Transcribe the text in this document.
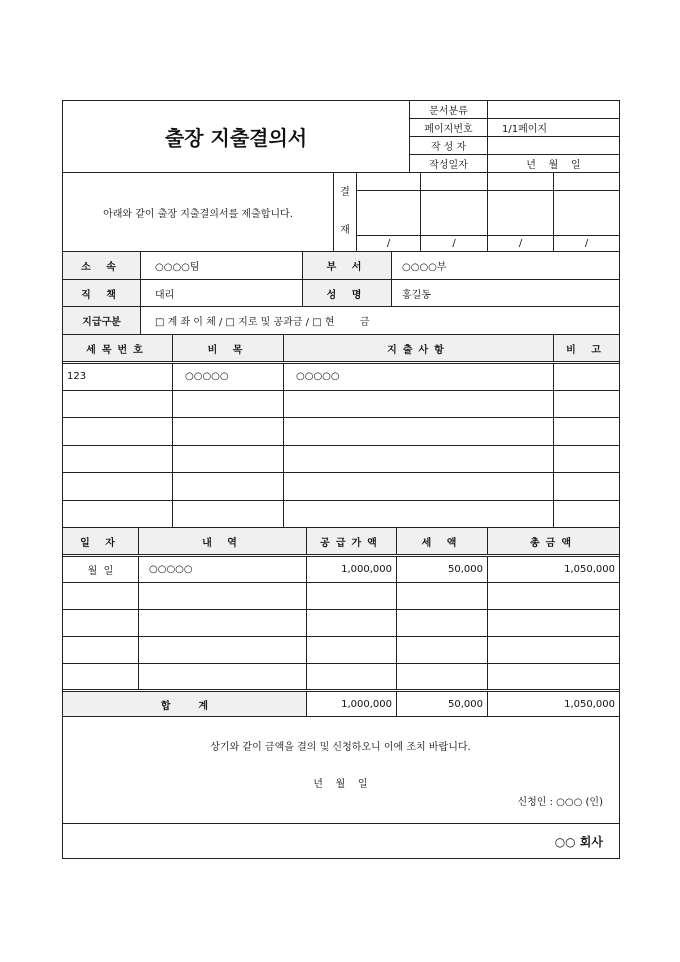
출장 지출결의서	문서분류	
	페이지번호	1/1페이지
	작 성 자	
	작성일자	년    월    일
아래와 같이 출장 지출결의서를 제출합니다.	결
재				

		/	/	/	/
소 속	○○○○팀	부 서	○○○○부
직 책	대리	성 명	홍길동
지급구분	□ 계 좌 이 체 / □ 지로 및 공과금 / □ 현        금		
세목번호	비 목	지출사항	비 고
123	○○○○○	○○○○○	

일 자	내 역	공급가액	세 액	총금액
월  일	○○○○○	1,000,000	50,000	1,050,000

합        계		1,000,000	50,000	1,050,000
상기와 같이 금액을 결의 및 신청하오니 이에 조치 바랍니다.
년    월    일
신청인 : ○○○ (인)
○○ 회사
